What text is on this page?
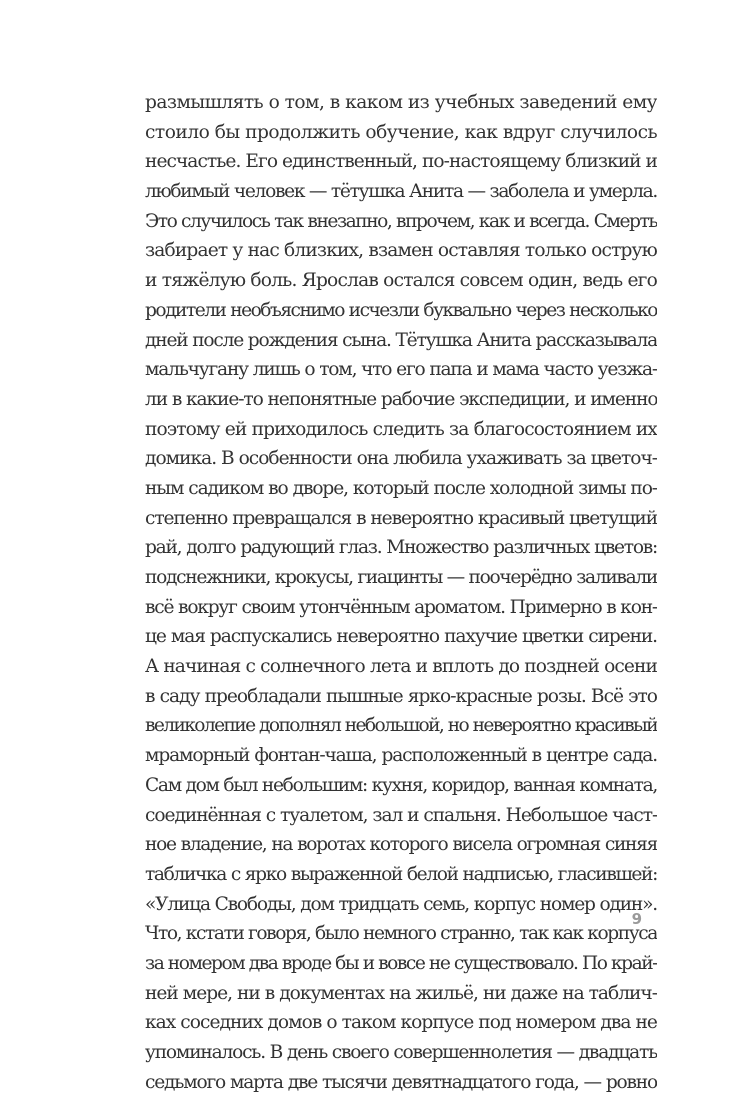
размышлять о том, в каком из учебных заведений ему
стоило бы продолжить обучение, как вдруг случилось
несчастье. Его единственный, по-настоящему близкий и
любимый человек — тётушка Анита — заболела и умерла.
Это случилось так внезапно, впрочем, как и всегда. Смерть
забирает у нас близких, взамен оставляя только острую
и тяжёлую боль. Ярослав остался совсем один, ведь его
родители необъяснимо исчезли буквально через несколько
дней после рождения сына. Тётушка Анита рассказывала
мальчугану лишь о том, что его папа и мама часто уезжа-
ли в какие-то непонятные рабочие экспедиции, и именно
поэтому ей приходилось следить за благосостоянием их
домика. В особенности она любила ухаживать за цветоч-
ным садиком во дворе, который после холодной зимы по-
степенно превращался в невероятно красивый цветущий
рай, долго радующий глаз. Множество различных цветов:
подснежники, крокусы, гиацинты — поочерёдно заливали
всё вокруг своим утончённым ароматом. Примерно в кон-
це мая распускались невероятно пахучие цветки сирени.
А начиная с солнечного лета и вплоть до поздней осени
в саду преобладали пышные ярко-красные розы. Всё это
великолепие дополнял небольшой, но невероятно красивый
мраморный фонтан-чаша, расположенный в центре сада.
Сам дом был небольшим: кухня, коридор, ванная комната,
соединённая с туалетом, зал и спальня. Небольшое част-
ное владение, на воротах которого висела огромная синяя
табличка с ярко выраженной белой надписью, гласившей:
«Улица Свободы, дом тридцать семь, корпус номер один».
Что, кстати говоря, было немного странно, так как корпуса
за номером два вроде бы и вовсе не существовало. По край-
ней мере, ни в документах на жильё, ни даже на таблич-
ках соседних домов о таком корпусе под номером два не
упоминалось. В день своего совершеннолетия — двадцать
седьмого марта две тысячи девятнадцатого года, — ровно
9
